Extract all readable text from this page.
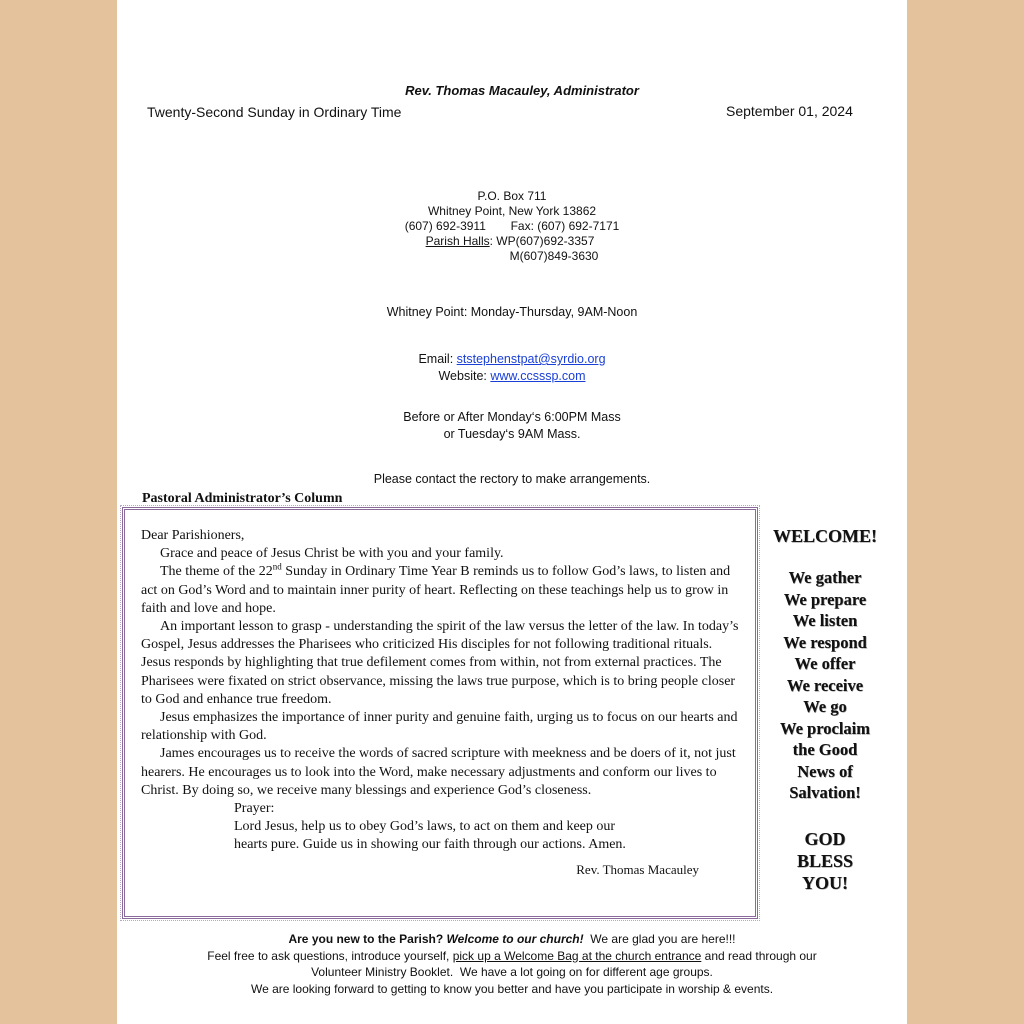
Rev. Thomas Macauley, Administrator
Twenty-Second Sunday in Ordinary Time	September 01, 2024
P.O. Box 711
Whitney Point, New York 13862
(607) 692-3911 Fax: (607) 692-7171
Parish Halls: WP(607)692-3357
M(607)849-3630
Whitney Point: Monday-Thursday, 9AM-Noon
Email: ststephenstpat@syrdio.org
Website: www.ccsssp.com
Before or After Monday‘s 6:00PM Mass
or Tuesday‘s 9AM Mass.
Please contact the rectory to make arrangements.
Pastoral Administrator’s Column

Dear Parishioners,

Grace and peace of Jesus Christ be with you and your family.

The theme of the 22nd Sunday in Ordinary Time Year B reminds us to follow God’s laws, to listen and act on God’s Word and to maintain inner purity of heart. Reflecting on these teachings help us to grow in faith and love and hope.

An important lesson to grasp - understanding the spirit of the law versus the letter of the law. In today’s Gospel, Jesus addresses the Pharisees who criticized His disciples for not following traditional rituals. Jesus responds by highlighting that true defilement comes from within, not from external practices. The Pharisees were fixated on strict observance, missing the laws true purpose, which is to bring people closer to God and enhance true freedom.

Jesus emphasizes the importance of inner purity and genuine faith, urging us to focus on our hearts and relationship with God.

James encourages us to receive the words of sacred scripture with meekness and be doers of it, not just hearers. He encourages us to look into the Word, make necessary adjustments and conform our lives to Christ. By doing so, we receive many blessings and experience God’s closeness.

Prayer:

Lord Jesus, help us to obey God’s laws, to act on them and keep our

hearts pure. Guide us in showing our faith through our actions. Amen.

Rev. Thomas Macauley

WELCOME!
We gather
We prepare
We listen
We respond
We offer
We receive
We go
We proclaim
the Good
News of
Salvation!
GOD
BLESS
YOU!
Are you new to the Parish? Welcome to our church!  We are glad you are here!!!
Feel free to ask questions, introduce yourself, pick up a Welcome Bag at the church entrance and read through our
Volunteer Ministry Booklet.  We have a lot going on for different age groups.
We are looking forward to getting to know you better and have you participate in worship & events.
